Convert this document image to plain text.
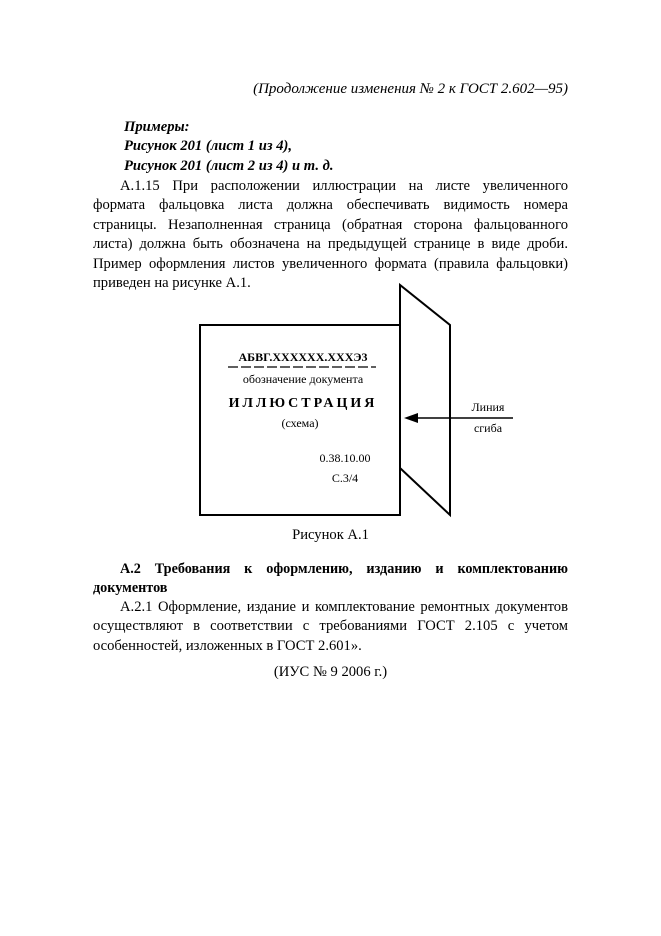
(Продолжение изменения № 2 к ГОСТ 2.602—95)
Примеры:
Рисунок 201 (лист 1 из 4),
Рисунок 201 (лист 2 из 4) и т. д.
А.1.15 При расположении иллюстрации на листе увеличенного формата фальцовка листа должна обеспечивать видимость номера страницы. Незаполненная страница (обратная сторона фальцованного листа) должна быть обозначена на предыдущей странице в виде дроби. Пример оформления листов увеличенного формата (правила фальцовки) приведен на рисунке А.1.
АБВГ.XXXXXX.XXXЭ3
обозначение документа
ИЛЛЮСТРАЦИЯ
(схема)
0.38.10.00
С.3/4
Линия
сгиба
Рисунок А.1
А.2 Требования к оформлению, изданию и комплектованию документов
А.2.1 Оформление, издание и комплектование ремонтных документов осуществляют в соответствии с требованиями ГОСТ 2.105 с учетом особенностей, изложенных в ГОСТ 2.601».
(ИУС № 9 2006 г.)
